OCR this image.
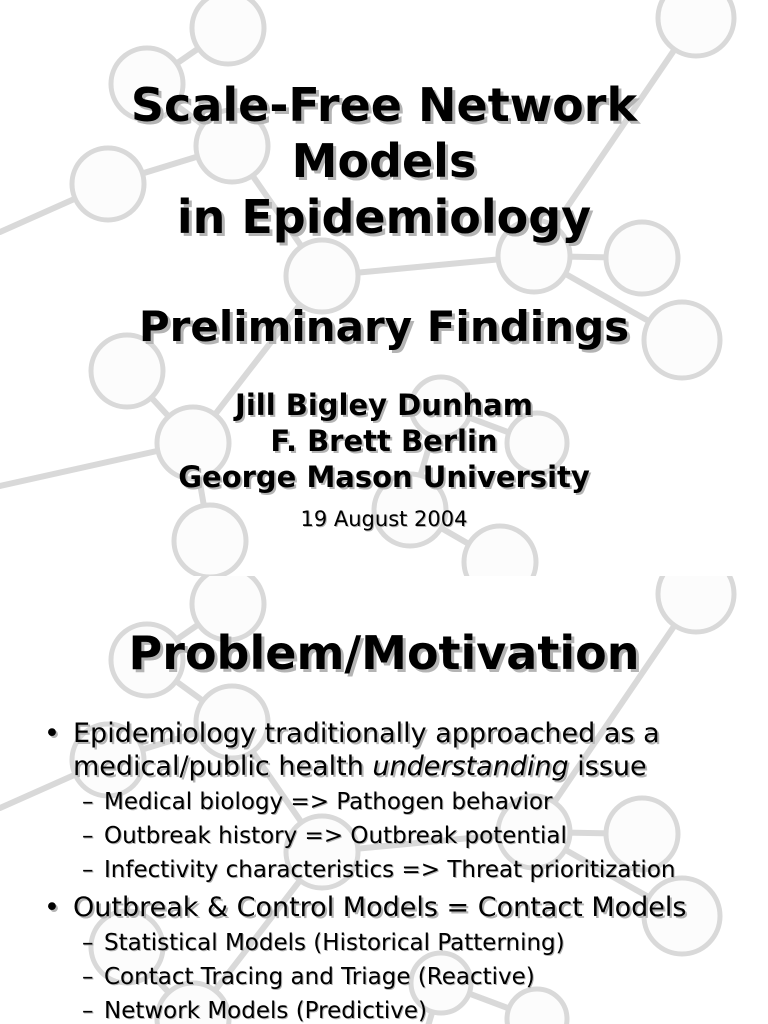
Scale-Free Network
Models
in Epidemiology
Preliminary Findings
Jill Bigley Dunham
F. Brett Berlin
George Mason University
19 August 2004
Problem/Motivation
• Epidemiology traditionally approached as a
medical/public health understanding issue
– Medical biology => Pathogen behavior
– Outbreak history => Outbreak potential
– Infectivity characteristics => Threat prioritization
• Outbreak & Control Models = Contact Models
– Statistical Models (Historical Patterning)
– Contact Tracing and Triage (Reactive)
– Network Models (Predictive)
